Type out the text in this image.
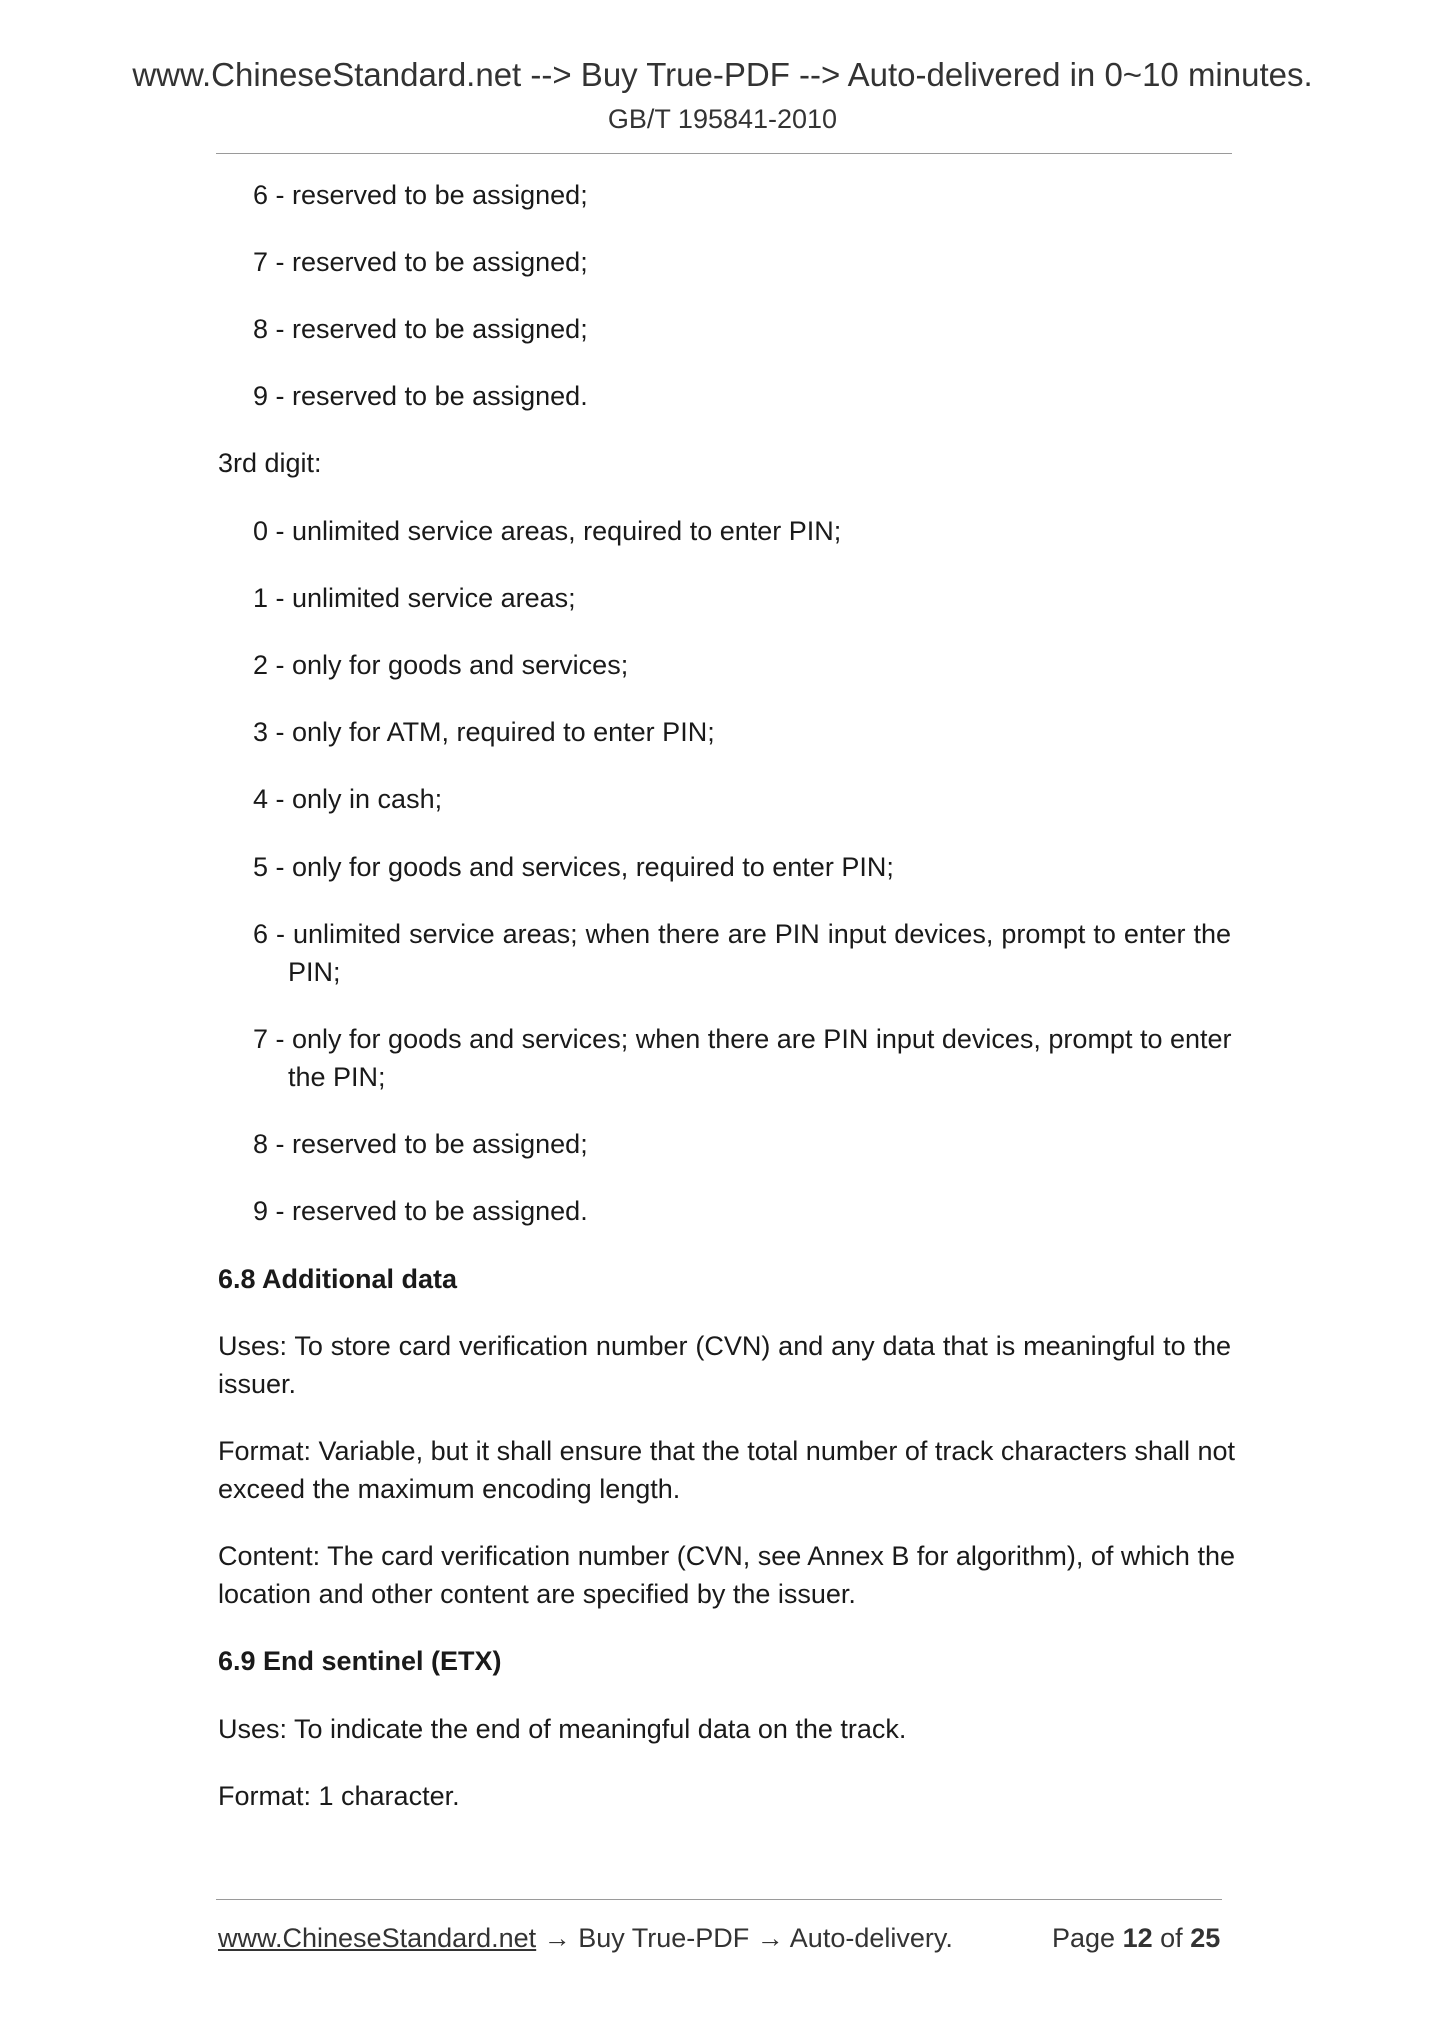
www.ChineseStandard.net --> Buy True-PDF --> Auto-delivered in 0~10 minutes.
GB/T 195841-2010
6 - reserved to be assigned;
7 - reserved to be assigned;
8 - reserved to be assigned;
9 - reserved to be assigned.
3rd digit:
0 - unlimited service areas, required to enter PIN;
1 - unlimited service areas;
2 - only for goods and services;
3 - only for ATM, required to enter PIN;
4 - only in cash;
5 - only for goods and services, required to enter PIN;
6 - unlimited service areas; when there are PIN input devices, prompt to enter the
PIN;
7 - only for goods and services; when there are PIN input devices, prompt to enter
the PIN;
8 - reserved to be assigned;
9 - reserved to be assigned.
6.8 Additional data
Uses: To store card verification number (CVN) and any data that is meaningful to the
issuer.
Format: Variable, but it shall ensure that the total number of track characters shall not
exceed the maximum encoding length.
Content: The card verification number (CVN, see Annex B for algorithm), of which the
location and other content are specified by the issuer.
6.9 End sentinel (ETX)
Uses: To indicate the end of meaningful data on the track.
Format: 1 character.
www.ChineseStandard.net → Buy True-PDF → Auto-delivery.	Page 12 of 25
